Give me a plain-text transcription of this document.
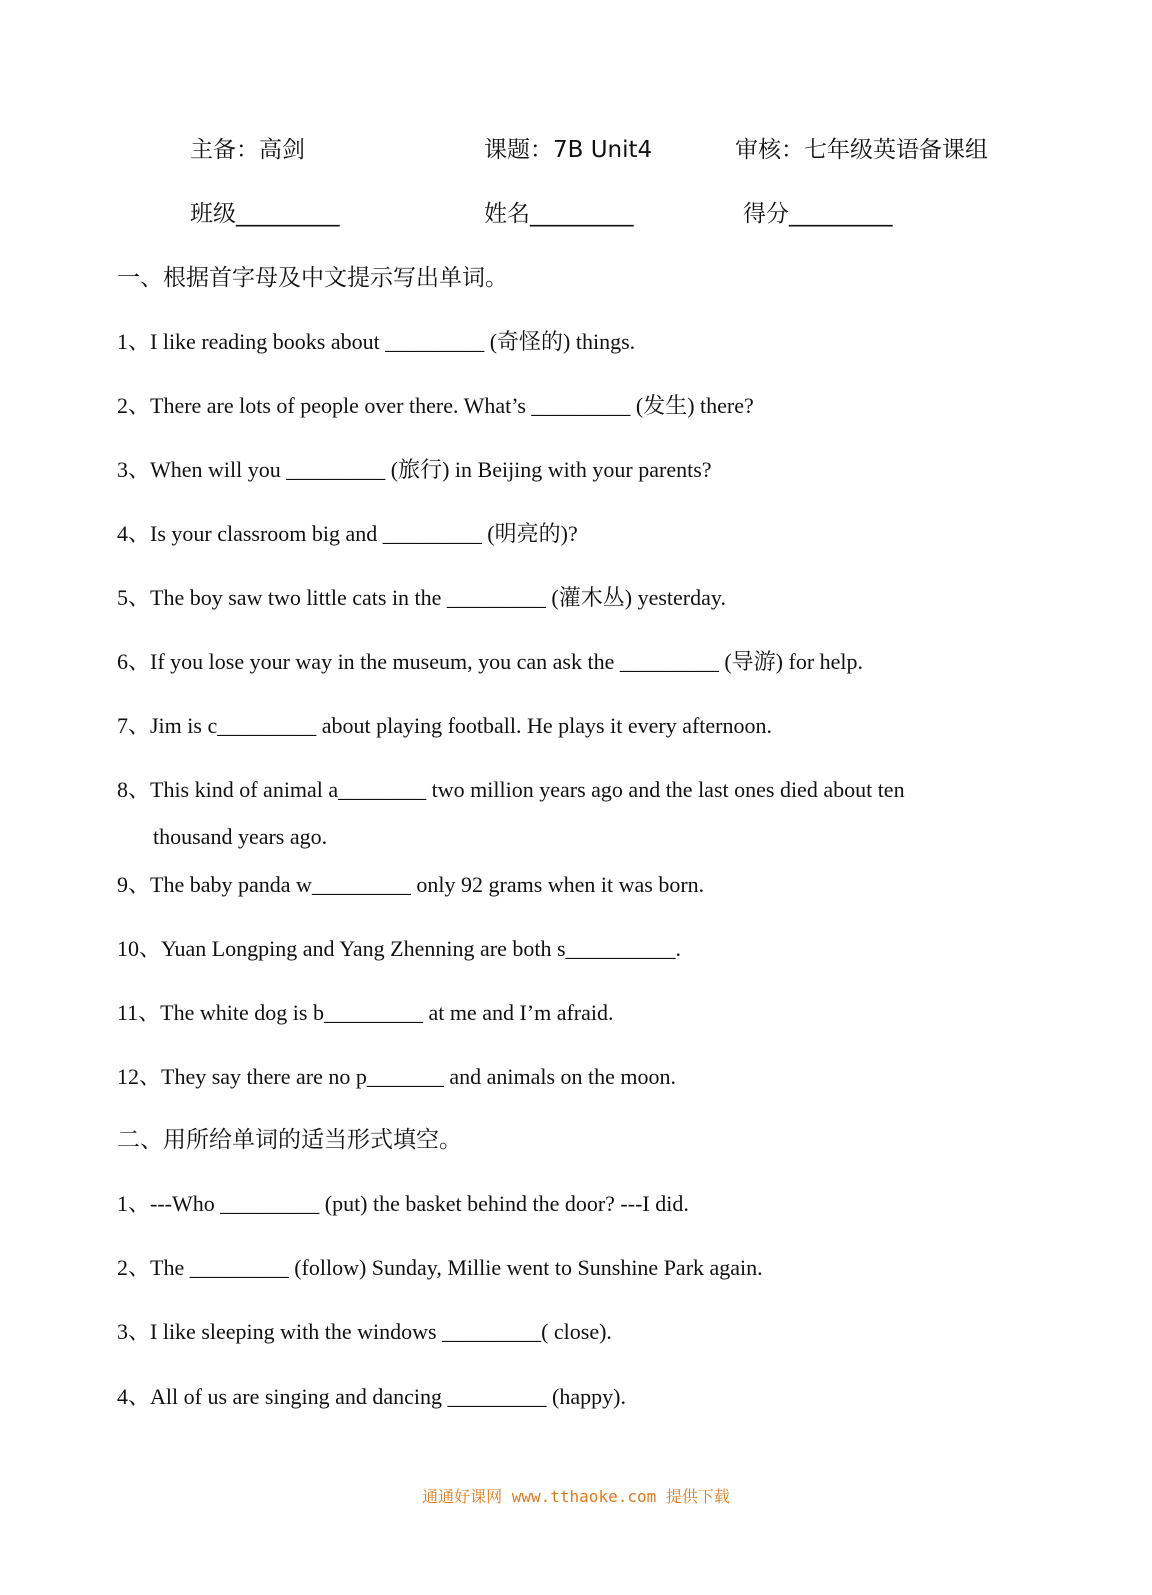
主备：高剑	课题：7B Unit4	审核：七年级英语备课组
班级_________	姓名_________	得分_________
一、根据首字母及中文提示写出单词。
1、I like reading books about _________ (奇怪的) things.
2、There are lots of people over there. What’s _________ (发生) there?
3、When will you _________ (旅行) in Beijing with your parents?
4、Is your classroom big and _________ (明亮的)?
5、The boy saw two little cats in the _________ (灌木丛) yesterday.
6、If you lose your way in the museum, you can ask the _________ (导游) for help.
7、Jim is c_________ about playing football. He plays it every afternoon.
8、This kind of animal a________ two million years ago and the last ones died about ten
thousand years ago.
9、The baby panda w_________ only 92 grams when it was born.
10、Yuan Longping and Yang Zhenning are both s__________.
11、The white dog is b_________ at me and I’m afraid.
12、They say there are no p_______ and animals on the moon.
二、用所给单词的适当形式填空。
1、---Who _________ (put) the basket behind the door? ---I did.
2、The _________ (follow) Sunday, Millie went to Sunshine Park again.
3、I like sleeping with the windows _________( close).
4、All of us are singing and dancing _________ (happy).
通通好课网 www.tthaoke.com 提供下载
